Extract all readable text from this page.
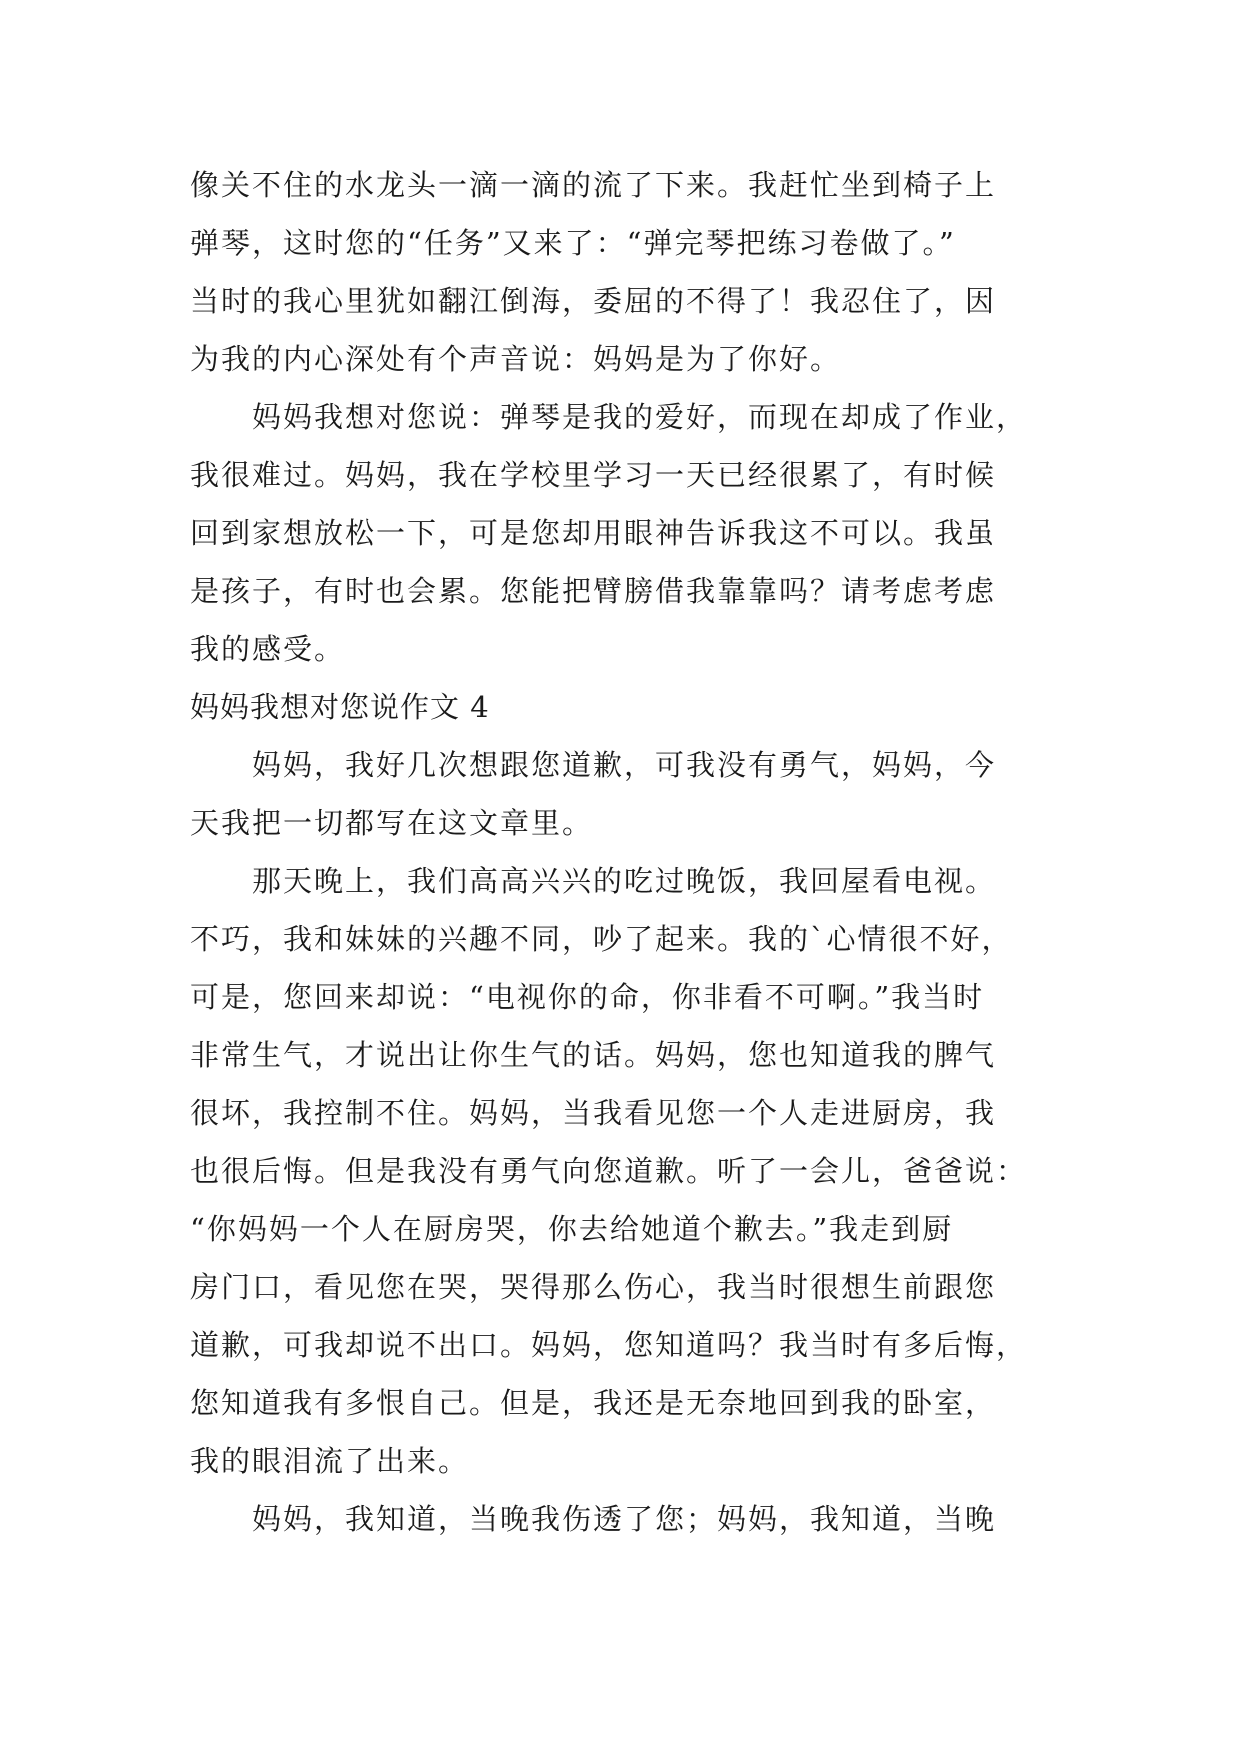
像关不住的水龙头一滴一滴的流了下来。我赶忙坐到椅子上
弹琴，这时您的“任务”又来了：“弹完琴把练习卷做了。”
当时的我心里犹如翻江倒海，委屈的不得了！我忍住了，因
为我的内心深处有个声音说：妈妈是为了你好。
妈妈我想对您说：弹琴是我的爱好，而现在却成了作业，
我很难过。妈妈，我在学校里学习一天已经很累了，有时候
回到家想放松一下，可是您却用眼神告诉我这不可以。我虽
是孩子，有时也会累。您能把臂膀借我靠靠吗？请考虑考虑
我的感受。
妈妈我想对您说作文 4
妈妈，我好几次想跟您道歉，可我没有勇气，妈妈，今
天我把一切都写在这文章里。
那天晚上，我们高高兴兴的吃过晚饭，我回屋看电视。
不巧，我和妹妹的兴趣不同，吵了起来。我的`心情很不好，
可是，您回来却说：“电视你的命，你非看不可啊。”我当时
非常生气，才说出让你生气的话。妈妈，您也知道我的脾气
很坏，我控制不住。妈妈，当我看见您一个人走进厨房，我
也很后悔。但是我没有勇气向您道歉。听了一会儿，爸爸说：
“你妈妈一个人在厨房哭，你去给她道个歉去。”我走到厨
房门口，看见您在哭，哭得那么伤心，我当时很想生前跟您
道歉，可我却说不出口。妈妈，您知道吗？我当时有多后悔，
您知道我有多恨自己。但是，我还是无奈地回到我的卧室，
我的眼泪流了出来。
妈妈，我知道，当晚我伤透了您；妈妈，我知道，当晚
